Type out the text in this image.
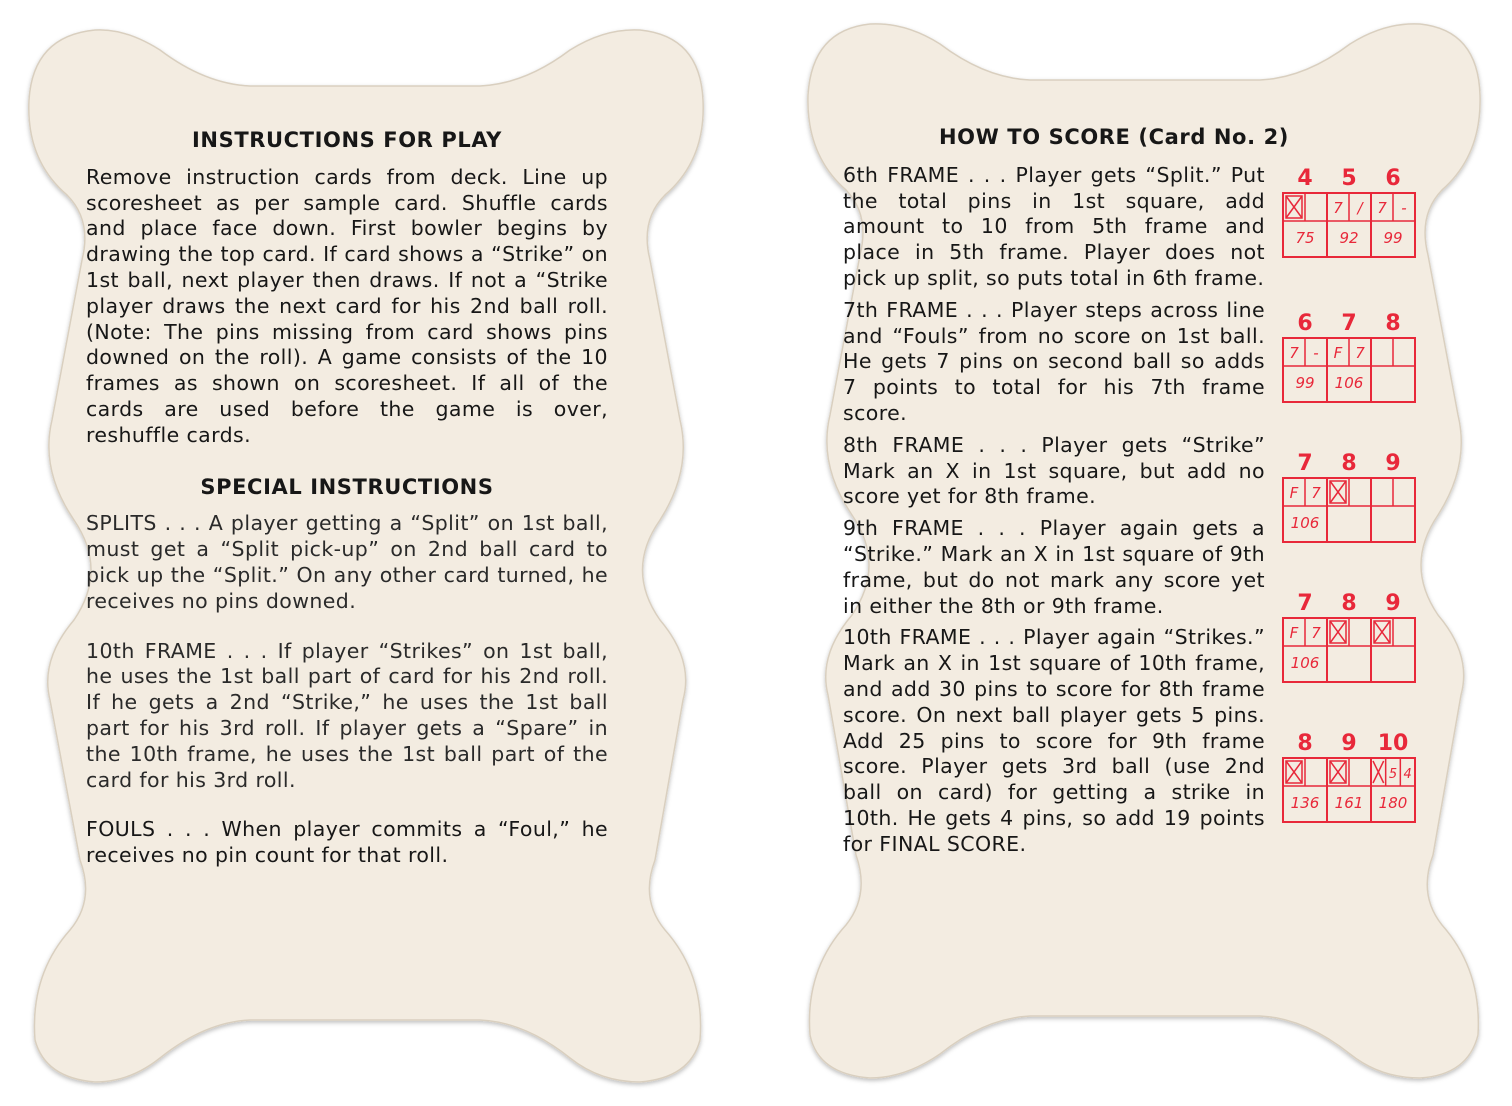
INSTRUCTIONS FOR PLAY

Remove instruction cards from deck. Line up scoresheet as per sample card. Shuffle cards and place face down. First bowler begins by drawing the top card. If card shows a “Strike” on 1st ball, next player then draws. If not a “Strike player draws the next card for his 2nd ball roll. (Note: The pins missing from card shows pins downed on the roll). A game consists of the 10 frames as shown on scoresheet. If all of the cards are used before the game is over, reshuffle cards.

SPECIAL INSTRUCTIONS

SPLITS . . . A player getting a “Split” on 1st ball, must get a “Split pick-up” on 2nd ball card to pick up the “Split.” On any other card turned, he receives no pins downed.

10th FRAME . . . If player “Strikes” on 1st ball, he uses the 1st ball part of card for his 2nd roll. If he gets a 2nd “Strike,” he uses the 1st ball part for his 3rd roll. If player gets a “Spare” in the 10th frame, he uses the 1st ball part of the card for his 3rd roll.

FOULS . . . When player commits a “Foul,” he receives no pin count for that roll.

HOW TO SCORE (Card No. 2)

6th FRAME . . . Player gets “Split.” Put the total pins in 1st square, add amount to 10 from 5th frame and place in 5th frame. Player does not pick up split, so puts total in 6th frame.

7th FRAME . . . Player steps across line and “Fouls” from no score on 1st ball. He gets 7 pins on second ball so adds 7 points to total for his 7th frame score.

8th FRAME . . . Player gets “Strike” Mark an X in 1st square, but add no score yet for 8th frame.

9th FRAME . . . Player again gets a “Strike.” Mark an X in 1st square of 9th frame, but do not mark any score yet in either the 8th or 9th frame.

10th FRAME . . . Player again “Strikes.” Mark an X in 1st square of 10th frame, and add 30 pins to score for 8th frame score. On next ball player gets 5 pins. Add 25 pins to score for 9th frame score. Player gets 3rd ball (use 2nd ball on card) for getting a strike in 10th. He gets 4 pins, so add 19 points for FINAL SCORE.

4
75
5
7 /
92
6
7 -
99
6
7 -
99
7
F 7
106
8
7
F 7
106
8 9
7
F 7
106
8 9
8
136
9
161
10
5 4
180
